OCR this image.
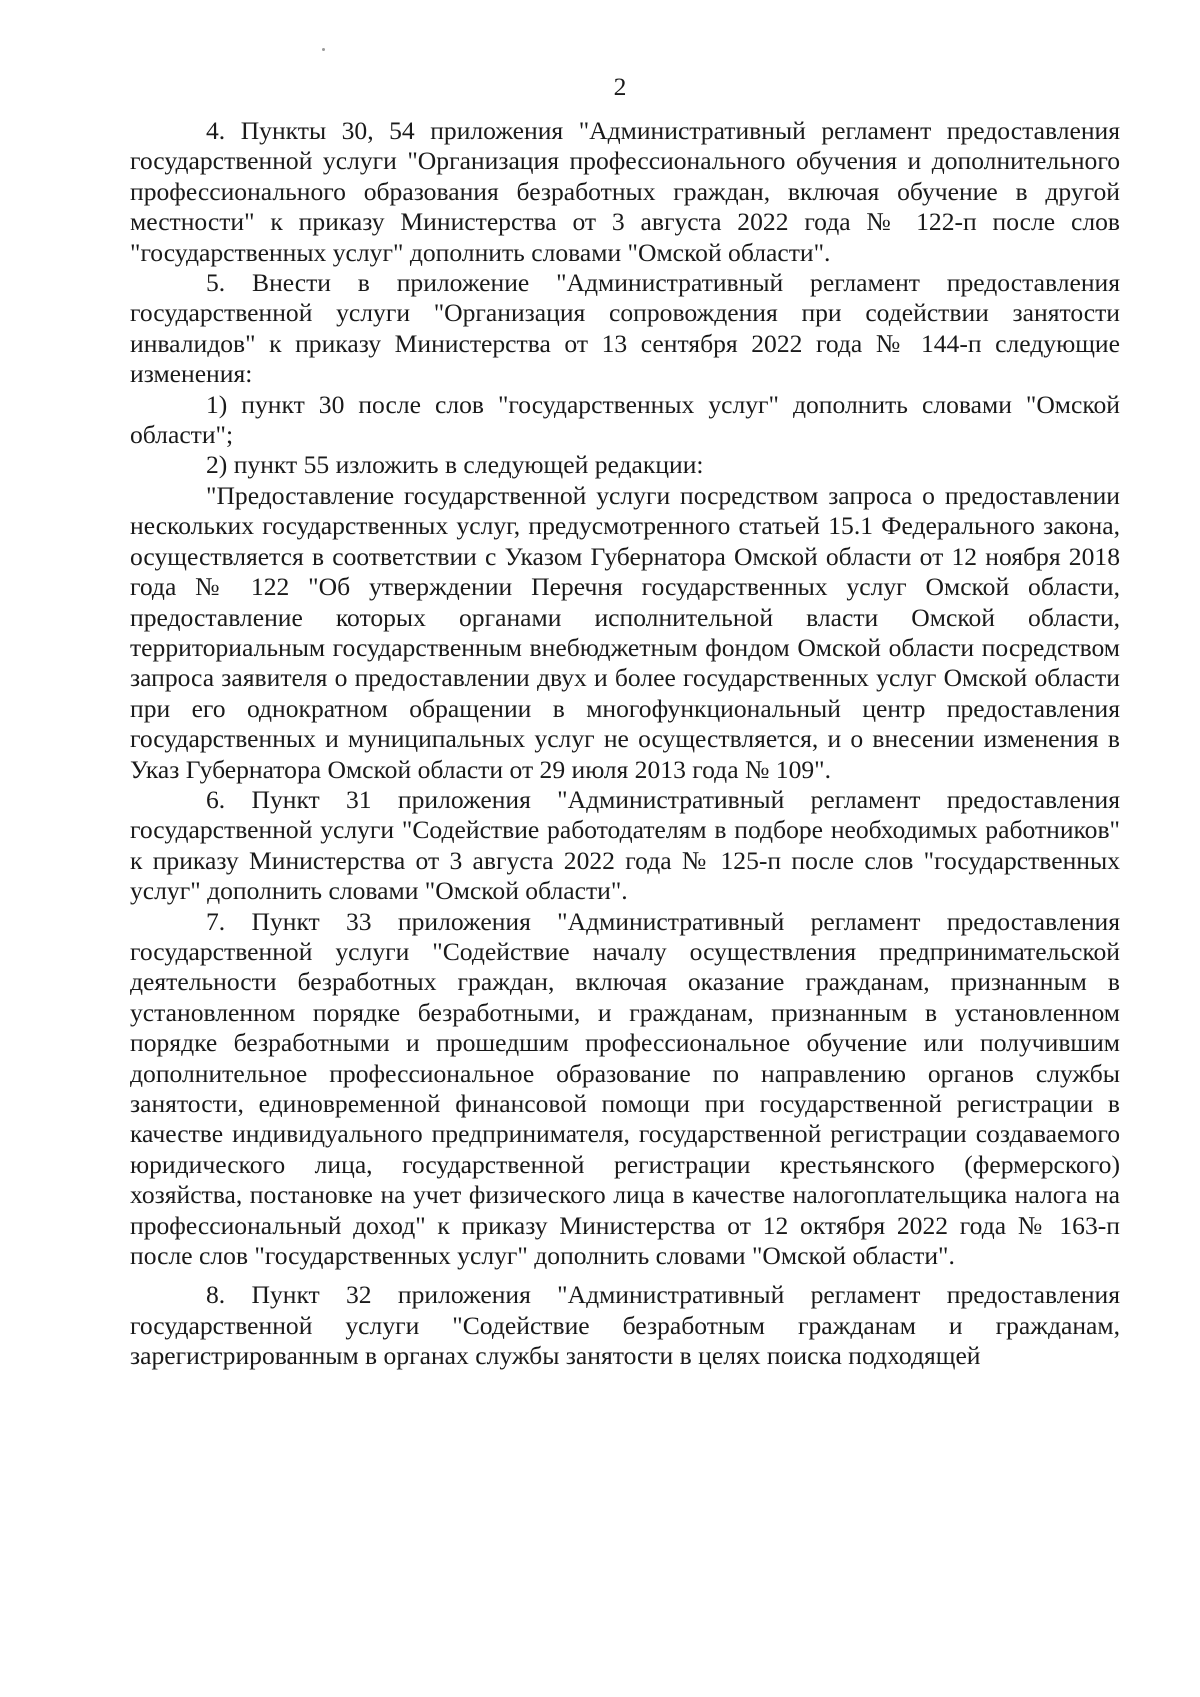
2

4. Пункты 30, 54 приложения "Административный регламент предоставления государственной услуги "Организация профессионального обучения и дополнительного профессионального образования безработных граждан, включая обучение в другой местности" к приказу Министерства от 3 августа 2022 года № 122-п после слов "государственных услуг" дополнить словами "Омской области".

5. Внести в приложение "Административный регламент предоставления государственной услуги "Организация сопровождения при содействии занятости инвалидов" к приказу Министерства от 13 сентября 2022 года № 144-п следующие изменения:

1) пункт 30 после слов "государственных услуг" дополнить словами "Омской области";

2) пункт 55 изложить в следующей редакции:

"Предоставление государственной услуги посредством запроса о предоставлении нескольких государственных услуг, предусмотренного статьей 15.1 Федерального закона, осуществляется в соответствии с Указом Губернатора Омской области от 12 ноября 2018 года № 122 "Об утверждении Перечня государственных услуг Омской области, предоставление которых органами исполнительной власти Омской области, территориальным государственным внебюджетным фондом Омской области посредством запроса заявителя о предоставлении двух и более государственных услуг Омской области при его однократном обращении в многофункциональный центр предоставления государственных и муниципальных услуг не осуществляется, и о внесении изменения в Указ Губернатора Омской области от 29 июля 2013 года № 109".

6. Пункт 31 приложения "Административный регламент предоставления государственной услуги "Содействие работодателям в подборе необходимых работников" к приказу Министерства от 3 августа 2022 года № 125-п после слов "государственных услуг" дополнить словами "Омской области".

7. Пункт 33 приложения "Административный регламент предоставления государственной услуги "Содействие началу осуществления предпринимательской деятельности безработных граждан, включая оказание гражданам, признанным в установленном порядке безработными, и гражданам, признанным в установленном порядке безработными и прошедшим профессиональное обучение или получившим дополнительное профессиональное образование по направлению органов службы занятости, единовременной финансовой помощи при государственной регистрации в качестве индивидуального предпринимателя, государственной регистрации создаваемого юридического лица, государственной регистрации крестьянского (фермерского) хозяйства, постановке на учет физического лица в качестве налогоплательщика налога на профессиональный доход" к приказу Министерства от 12 октября 2022 года № 163-п после слов "государственных услуг" дополнить словами "Омской области".

8. Пункт 32 приложения "Административный регламент предоставления государственной услуги "Содействие безработным гражданам и гражданам, зарегистрированным в органах службы занятости в целях поиска подходящей
